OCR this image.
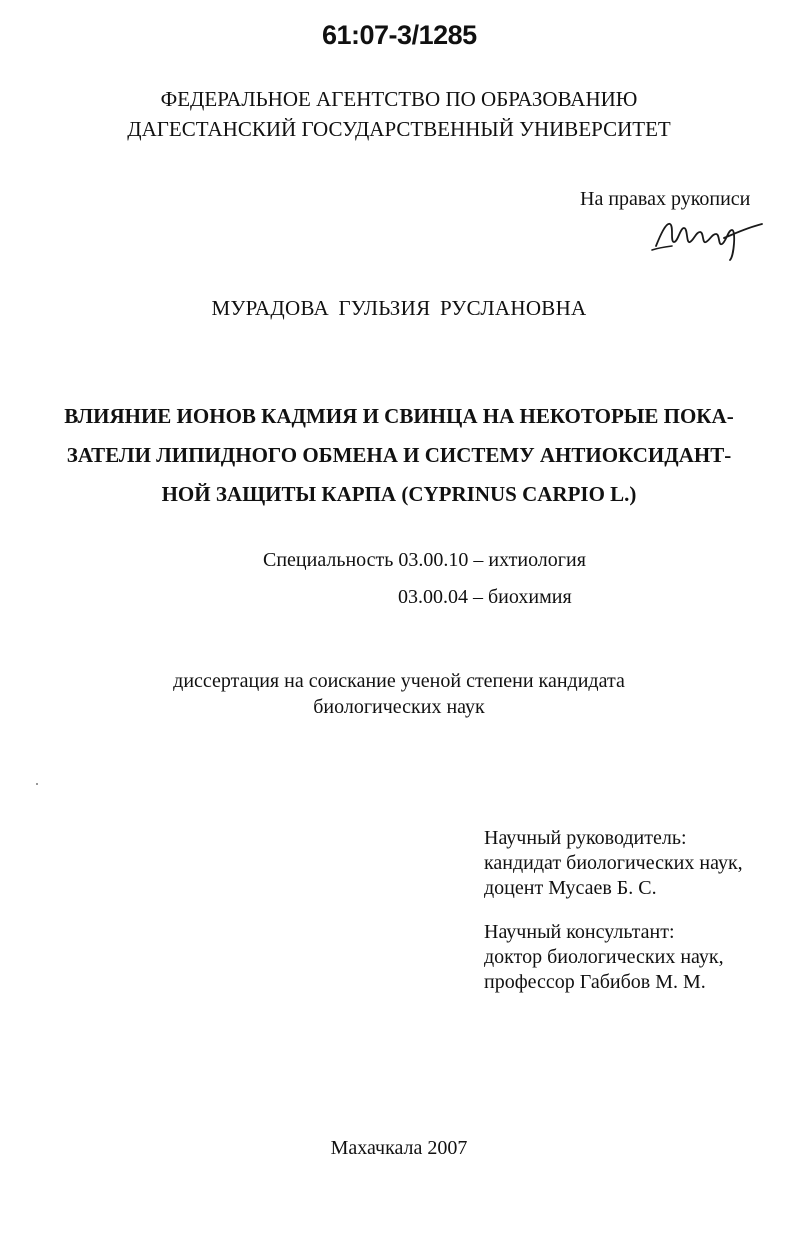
61:07-3/1285
ФЕДЕРАЛЬНОЕ АГЕНТСТВО ПО ОБРАЗОВАНИЮ
ДАГЕСТАНСКИЙ ГОСУДАРСТВЕННЫЙ УНИВЕРСИТЕТ
На правах рукописи
МУРАДОВА ГУЛЬЗИЯ РУСЛАНОВНА
ВЛИЯНИЕ ИОНОВ КАДМИЯ И СВИНЦА НА НЕКОТОРЫЕ ПОКА-
ЗАТЕЛИ ЛИПИДНОГО ОБМЕНА И СИСТЕМУ АНТИОКСИДАНТ-
НОЙ ЗАЩИТЫ КАРПА (CYPRINUS CARPIO L.)
Специальность 03.00.10 – ихтиология
03.00.04 – биохимия
диссертация на соискание ученой степени кандидата
биологических наук
Научный руководитель:
кандидат биологических наук,
доцент Мусаев Б. С.
Научный консультант:
доктор биологических наук,
профессор Габибов М. М.
Махачкала 2007
